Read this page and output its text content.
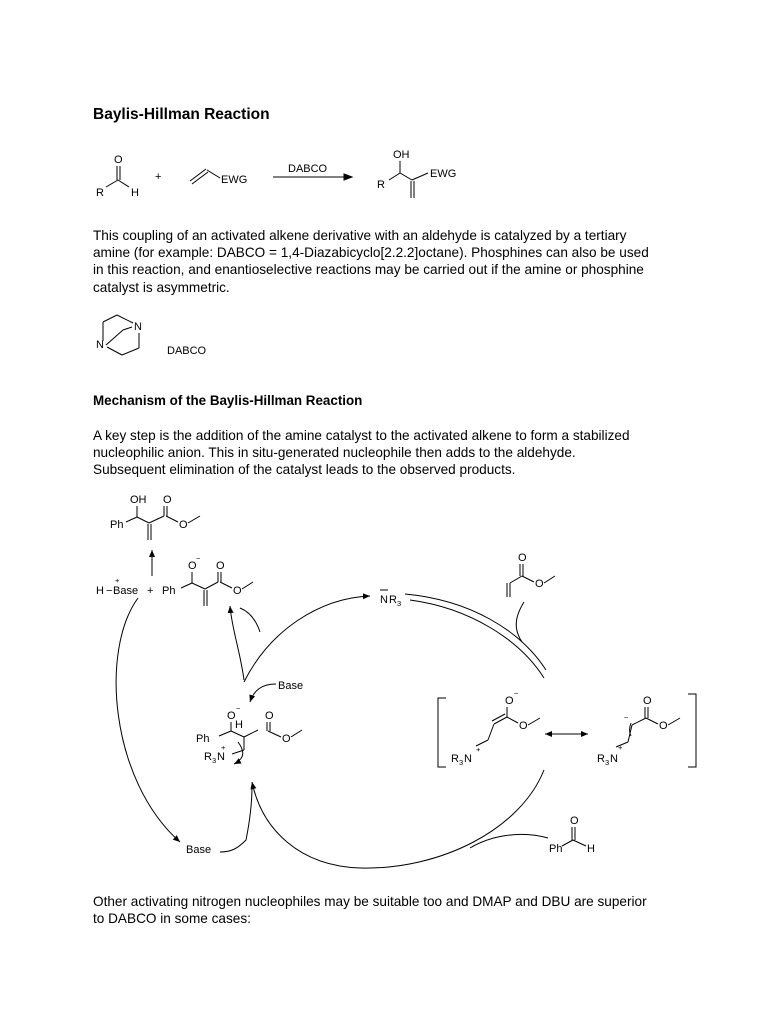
Baylis-Hillman Reaction
O
R H
+	EWG
DABCO
OH
R
EWG
This coupling of an activated alkene derivative with an aldehyde is catalyzed by a tertiary
amine (for example: DABCO = 1,4-Diazabicyclo[2.2.2]octane). Phosphines can also be used
in this reaction, and enantioselective reactions may be carried out if the amine or phosphine
catalyst is asymmetric.
N
N
DABCO
Mechanism of the Baylis-Hillman Reaction
A key step is the addition of the amine catalyst to the activated alkene to form a stabilized
nucleophilic anion. This in situ-generated nucleophile then adds to the aldehyde.
Subsequent elimination of the catalyst leads to the observed products.
OH O
Ph	O
H − Base
+
+
O
−
O
Ph	O
N R 3
O
O
O
−
H
O
Ph	O
R 3 N
+
Base
O
−
O
R 3 N
+
O
O
−
R 3 N
+
O
Ph H
Base
Other activating nitrogen nucleophiles may be suitable too and DMAP and DBU are superior
to DABCO in some cases:
